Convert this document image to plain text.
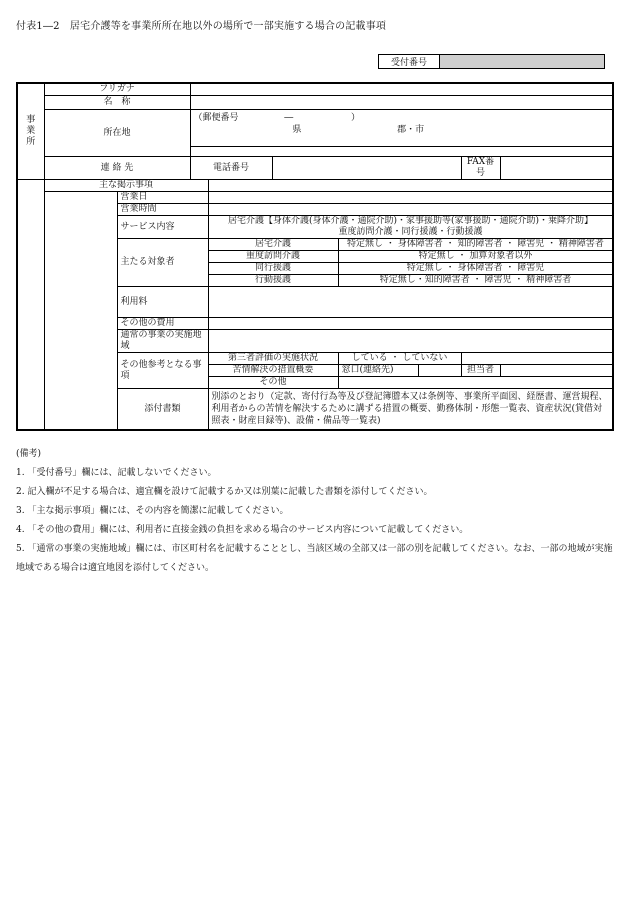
付表1―2　居宅介護等を事業所所在地以外の場所で一部実施する場合の記載事項
受付番号	
事
業
所	フリガナ								
	名　称								
	所在地		（郵便番号 ― ）
県 郡・市						

	連 絡 先		電話番号					FAX番号	
	主な掲示事項								
		営業日							
		営業時間							
		サービス内容		居宅介護【身体介護(身体介護・通院介助)・家事援助等(家事援助・通院介助)・乗降介助】
重度訪問介護・同行援護・行動援護					

		主たる対象者		居宅介護		特定無し ・ 身体障害者 ・ 知的障害者 ・ 障害児 ・ 精神障害者			
				重度訪問介護		特定無し ・ 加算対象者以外			
				同行援護		特定無し ・ 身体障害者 ・ 障害児			
				行動援護		特定無し・知的障害者 ・ 障害児 ・ 精神障害者			
		利用料							
		その他の費用							
		通常の事業の実施地域							
		その他参考となる事項		第三者評価の実施状況		している ・ していない			
				苦情解決の措置概要		窓口(連絡先)		担当者	
				その他					
		添付書類		別添のとおり（定款、寄付行為等及び登記簿謄本又は条例等、事業所平面図、経歴書、運営規程、利用者からの苦情を解決するために講ずる措置の概要、勤務体制・形態一覧表、資産状況(貸借対照表・財産目録等)、設備・備品等一覧表)					
(備考)
1. 「受付番号」欄には、記載しないでください。
2. 記入欄が不足する場合は、適宜欄を設けて記載するか又は別葉に記載した書類を添付してください。
3. 「主な掲示事項」欄には、その内容を簡潔に記載してください。
4. 「その他の費用」欄には、利用者に直接金銭の負担を求める場合のサービス内容について記載してください。
5. 「通常の事業の実施地域」欄には、市区町村名を記載することとし、当該区域の全部又は一部の別を記載してください。なお、一部の地域が実施地域である場合は適宜地図を添付してください。
